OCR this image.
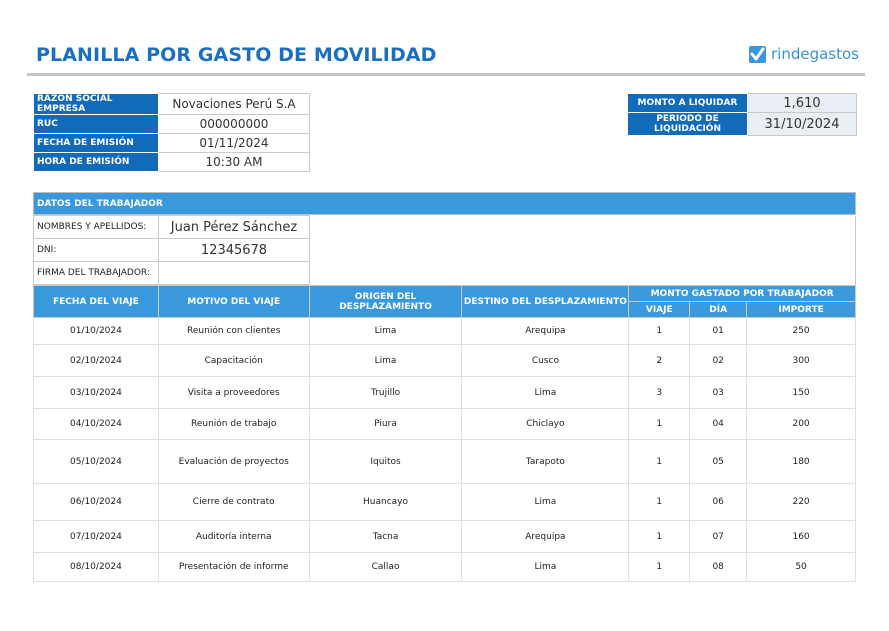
PLANILLA POR GASTO DE MOVILIDAD	rindegastos
RAZÓN SOCIAL EMPRESA	Novaciones Perú S.A
RUC	000000000
FECHA DE EMISIÓN	01/11/2024
HORA DE EMISIÓN	10:30 AM
MONTO A LIQUIDAR	1,610
PERIODO DE LIQUIDACIÓN	31/10/2024
DATOS DEL TRABAJADOR
NOMBRES Y APELLIDOS:	Juan Pérez Sánchez	
DNI:	12345678	
FIRMA DEL TRABAJADOR:		
FECHA DEL VIAJE	MOTIVO DEL VIAJE	ORIGEN DEL DESPLAZAMIENTO	DESTINO DEL DESPLAZAMIENTO	MONTO GASTADO POR TRABAJADOR		
				VIAJE	DÍA	IMPORTE
01/10/2024	Reunión con clientes	Lima	Arequipa	1	01	250
02/10/2024	Capacitación	Lima	Cusco	2	02	300
03/10/2024	Visita a proveedores	Trujillo	Lima	3	03	150
04/10/2024	Reunión de trabajo	Piura	Chiclayo	1	04	200
05/10/2024	Evaluación de proyectos	Iquitos	Tarapoto	1	05	180
06/10/2024	Cierre de contrato	Huancayo	Lima	1	06	220
07/10/2024	Auditoría interna	Tacna	Arequipa	1	07	160
08/10/2024	Presentación de informe	Callao	Lima	1	08	50
